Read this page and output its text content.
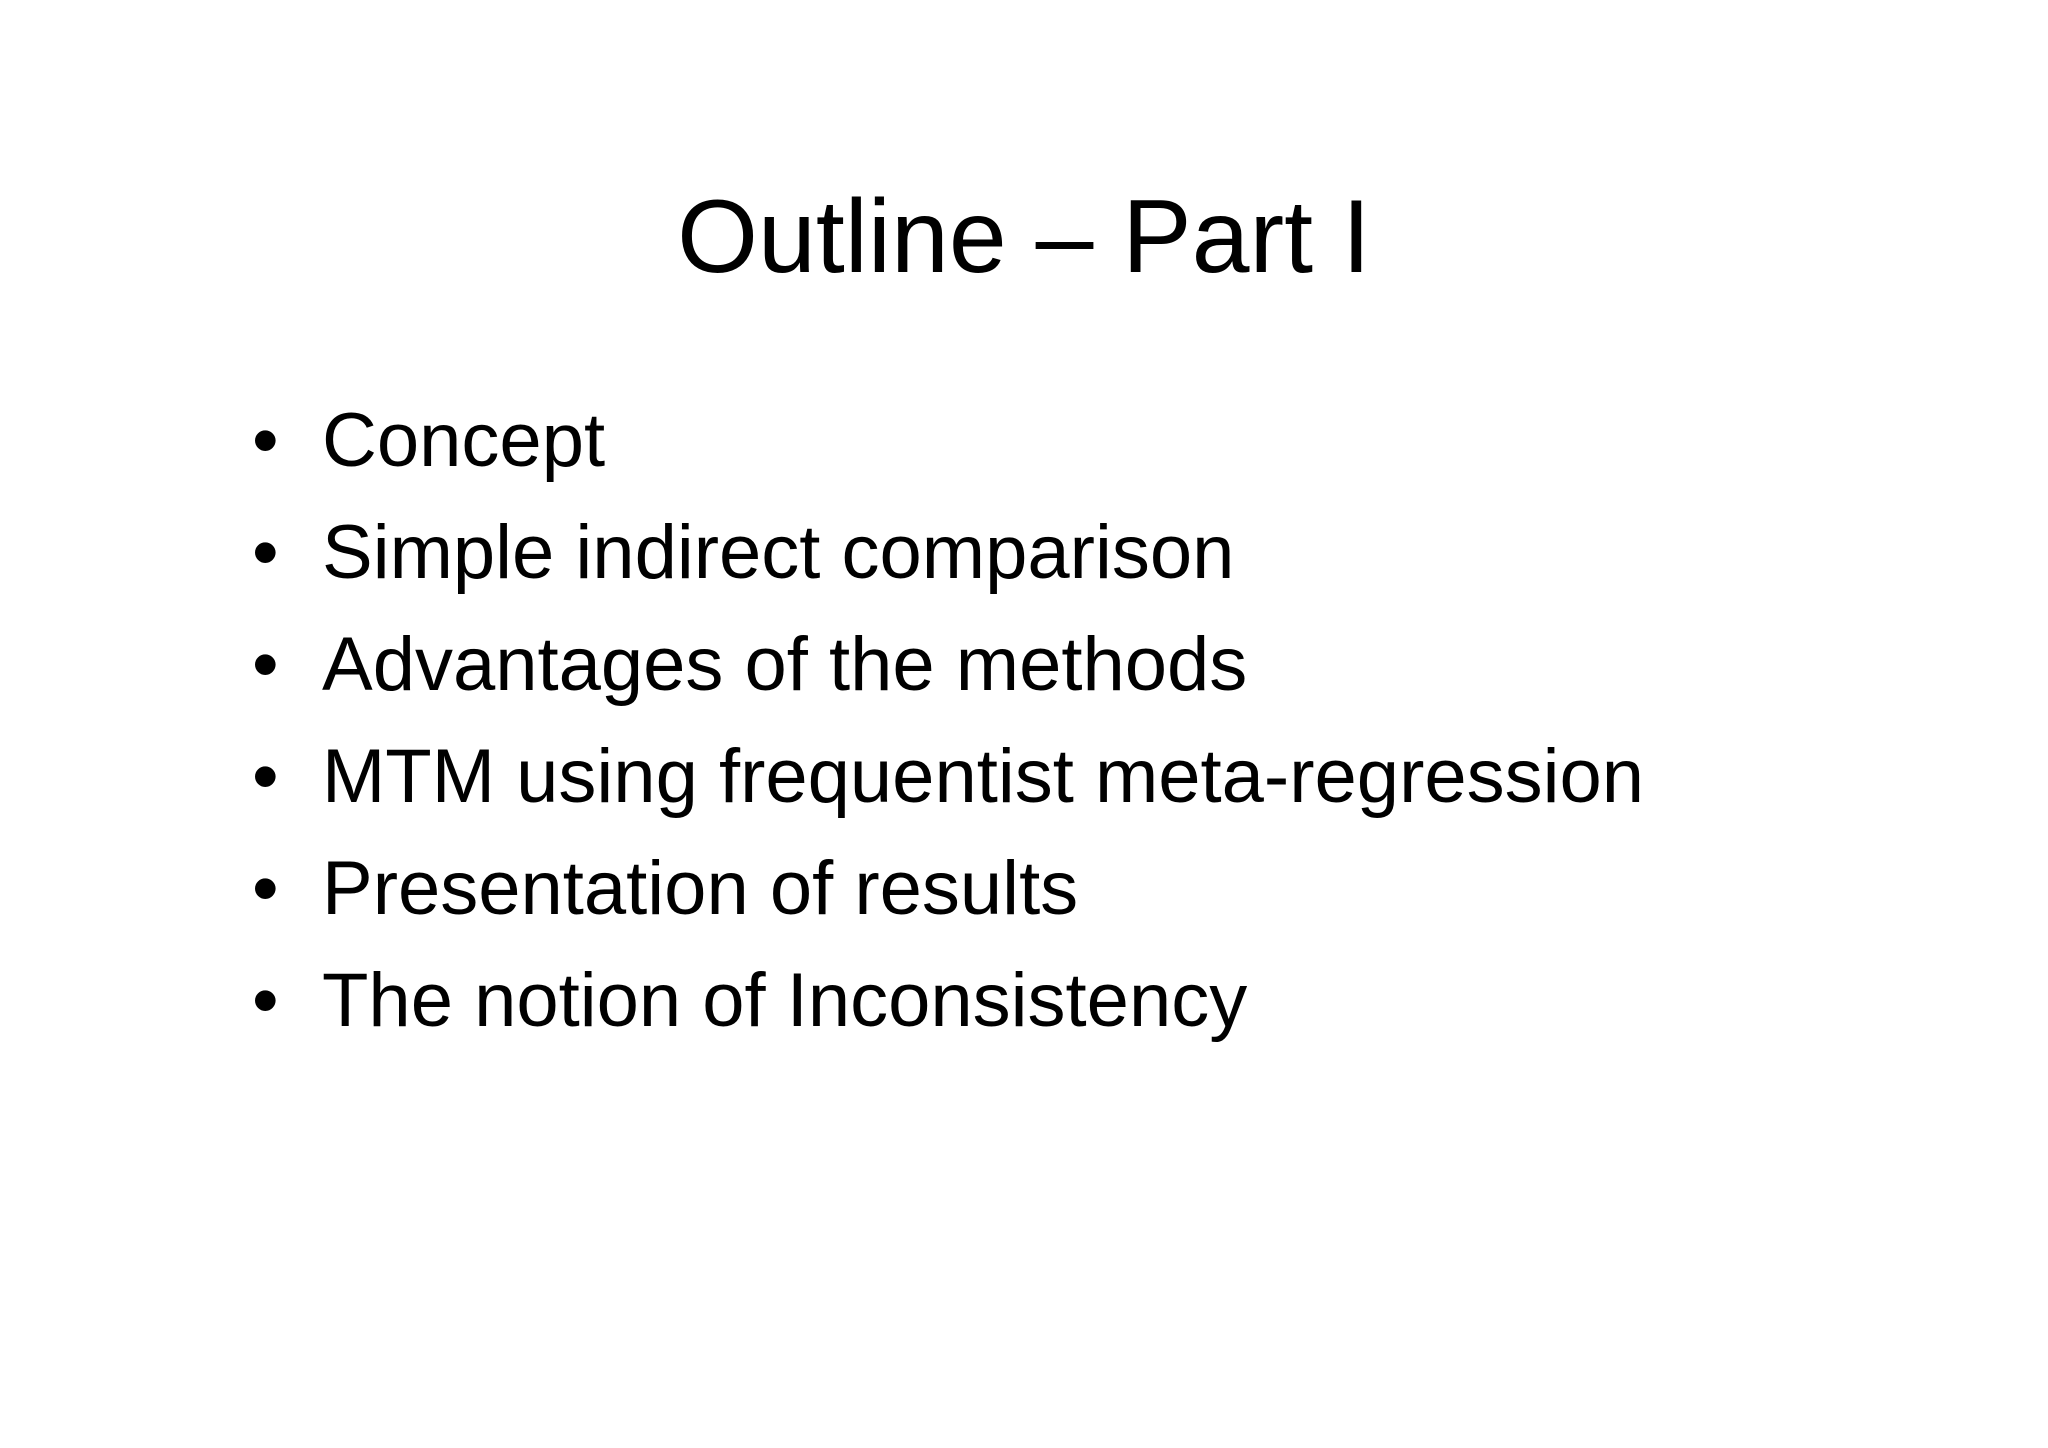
Outline – Part I
• Concept
• Simple indirect comparison
• Advantages of the methods
• MTM using frequentist meta-regression
• Presentation of results
• The notion of Inconsistency
